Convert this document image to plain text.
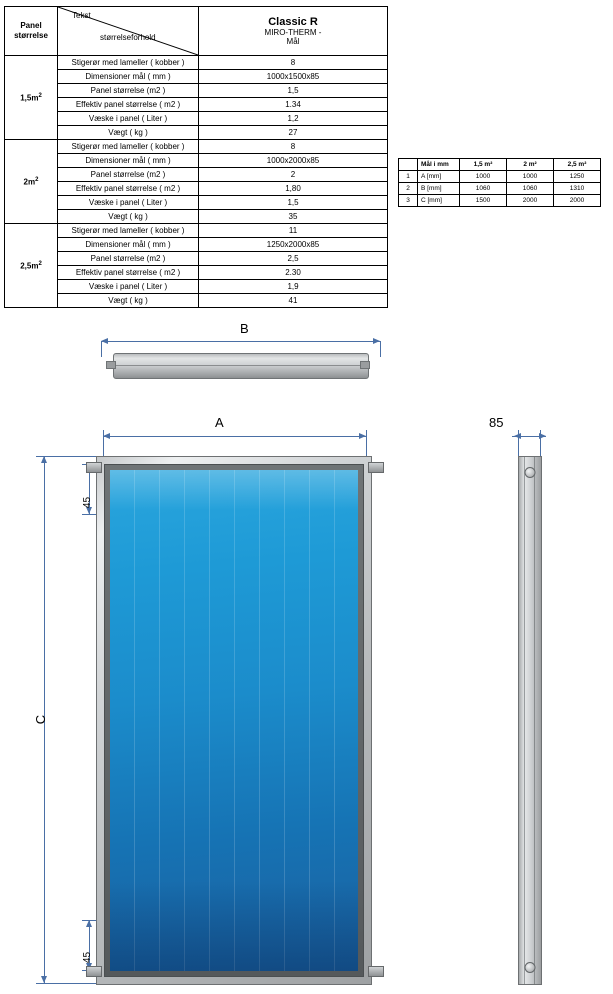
Panel størrelse	
Tekst
størrelseforhold

Classic R
MIRO-THERM -
Mål

$1,5m^2$	Stigerør med lameller ( kobber )	8
	Dimensioner mål ( mm )	1000x1500x85
	Panel størrelse (m2 )	1,5
	Effektiv panel størrelse ( m2 )	1.34
	Væske i panel ( Liter )	1,2
	Vægt ( kg )	27
$2m^2$	Stigerør med lameller ( kobber )	8
	Dimensioner mål ( mm )	1000x2000x85
	Panel størrelse (m2 )	2
	Effektiv panel størrelse ( m2 )	1,80
	Væske i panel ( Liter )	1,5
	Vægt ( kg )	35
$2,5m^2$	Stigerør med lameller ( kobber )	11
	Dimensioner mål ( mm )	1250x2000x85
	Panel størrelse (m2 )	2,5
	Effektiv panel størrelse ( m2 )	2.30
	Væske i panel ( Liter )	1,9
	Vægt ( kg )	41
	Mål i mm	1,5 m²	2 m²	2,5 m²
1	A [mm]	1000	1000	1250
2	B [mm]	1060	1060	1310
3	C [mm]	1500	2000	2000
B
A	85
C
45
45
